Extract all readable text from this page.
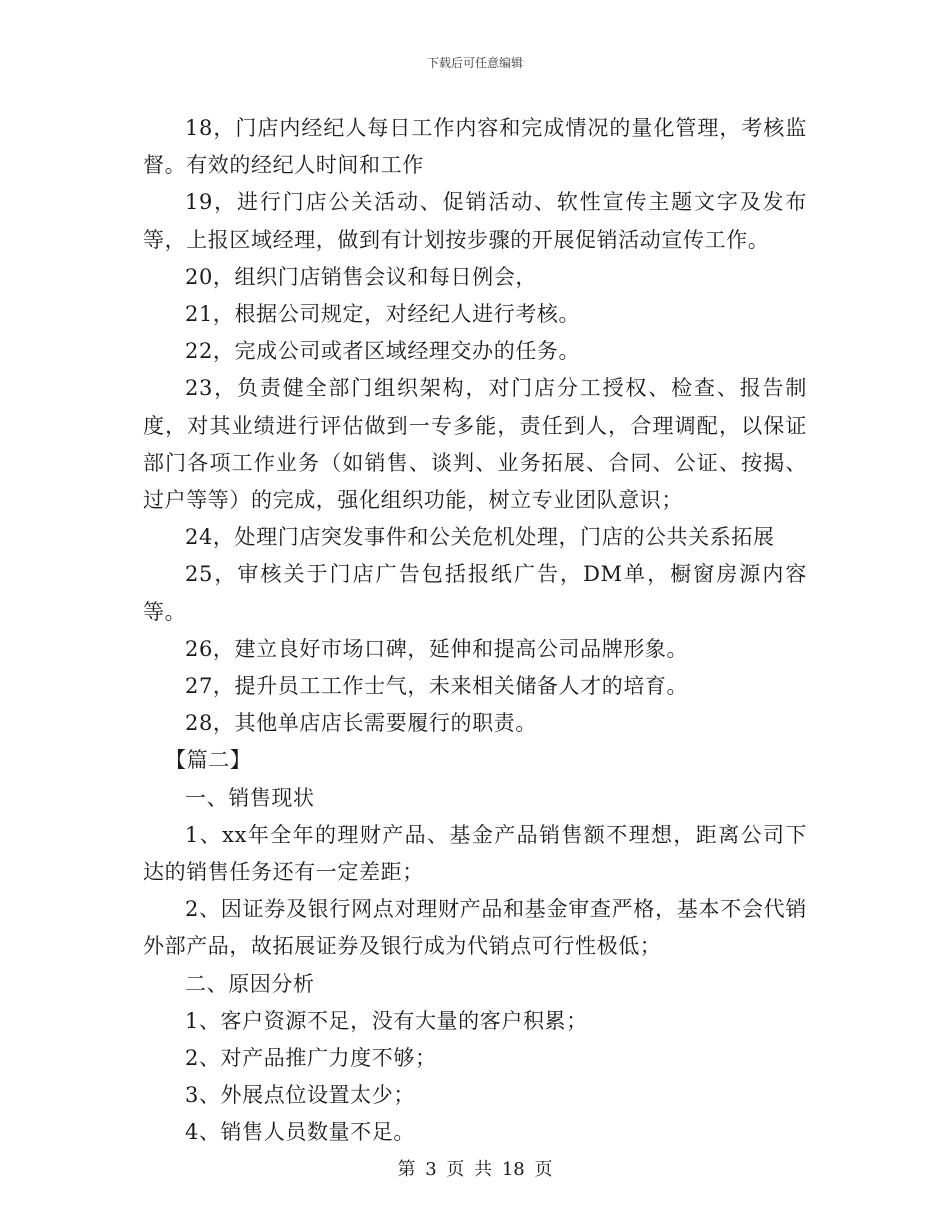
下载后可任意编辑

18，门店内经纪人每日工作内容和完成情况的量化管理，考核监督。有效的经纪人时间和工作

19，进行门店公关活动、促销活动、软性宣传主题文字及发布等，上报区域经理，做到有计划按步骤的开展促销活动宣传工作。

20，组织门店销售会议和每日例会，

21，根据公司规定，对经纪人进行考核。

22，完成公司或者区域经理交办的任务。

23，负责健全部门组织架构，对门店分工授权、检查、报告制度，对其业绩进行评估做到一专多能，责任到人，合理调配，以保证部门各项工作业务（如销售、谈判、业务拓展、合同、公证、按揭、过户等等）的完成，强化组织功能，树立专业团队意识；

24，处理门店突发事件和公关危机处理，门店的公共关系拓展

25，审核关于门店广告包括报纸广告，DM单，橱窗房源内容等。

26，建立良好市场口碑，延伸和提高公司品牌形象。

27，提升员工工作士气，未来相关储备人才的培育。

28，其他单店店长需要履行的职责。

【篇二】

一、销售现状

1、xx年全年的理财产品、基金产品销售额不理想，距离公司下达的销售任务还有一定差距；

2、因证券及银行网点对理财产品和基金审查严格，基本不会代销外部产品，故拓展证券及银行成为代销点可行性极低；

二、原因分析

1、客户资源不足，没有大量的客户积累；

2、对产品推广力度不够；

3、外展点位设置太少；

4、销售人员数量不足。

第 3 页 共 18 页
